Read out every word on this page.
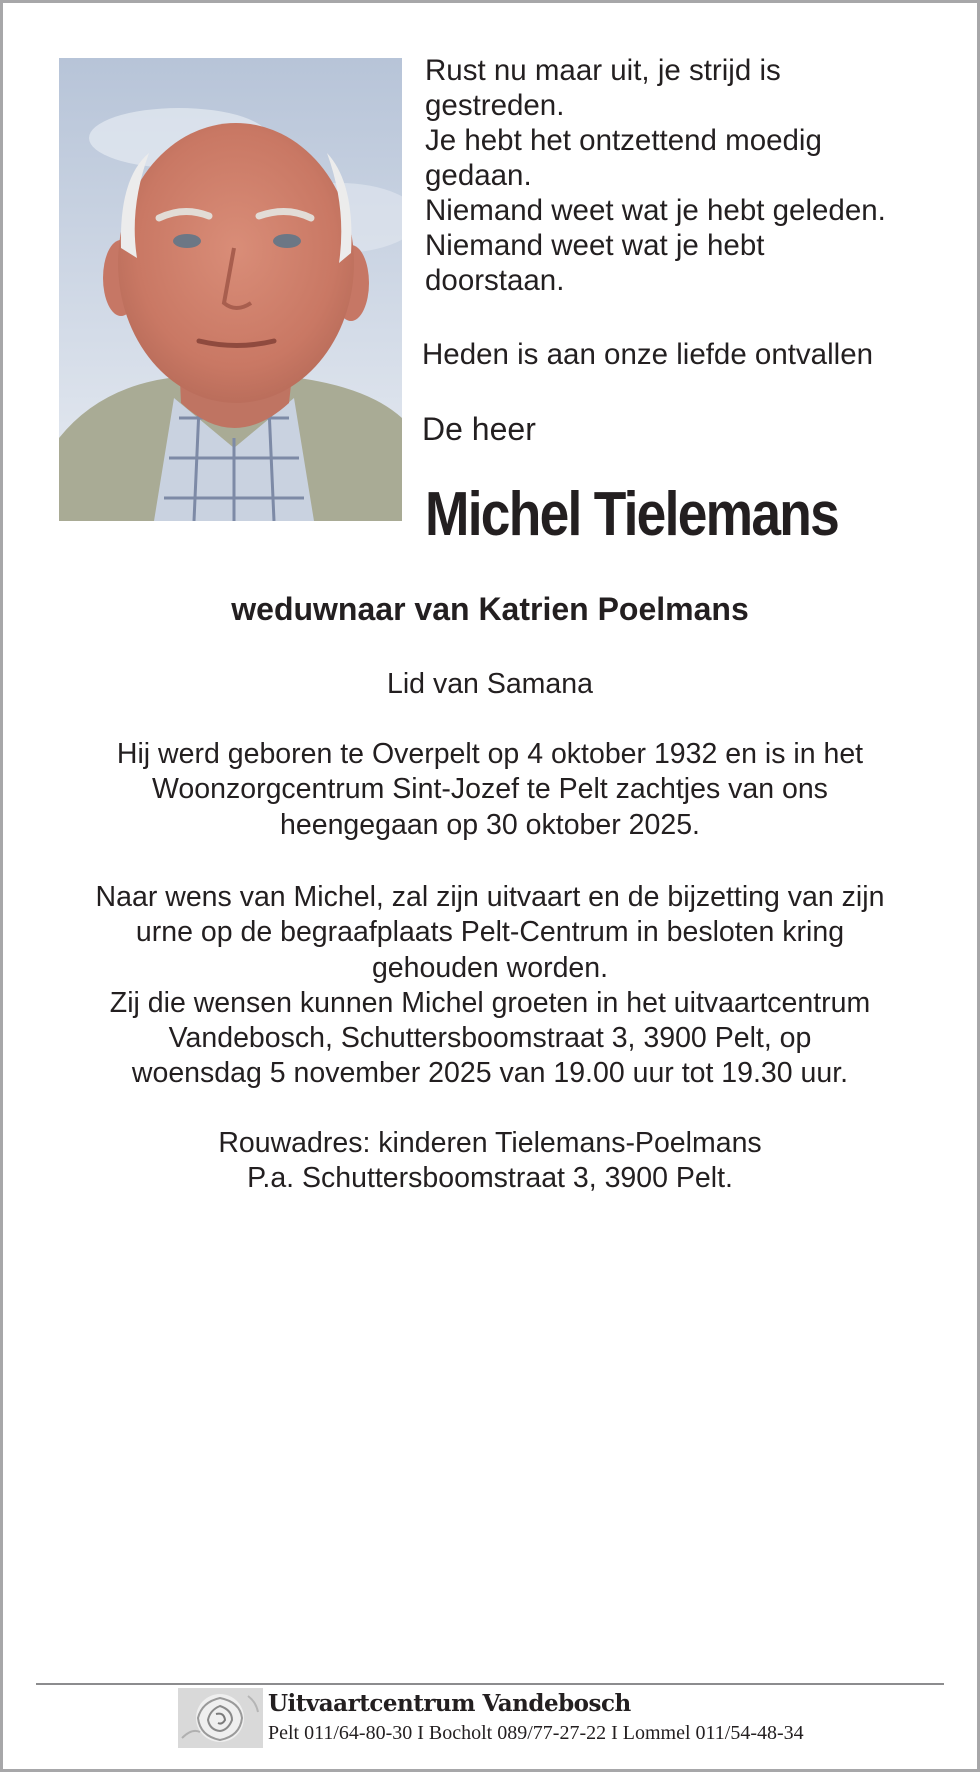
Rust nu maar uit, je strijd is
gestreden.
Je hebt het ontzettend moedig
gedaan.
Niemand weet wat je hebt geleden.
Niemand weet wat je hebt
doorstaan.
Heden is aan onze liefde ontvallen
De heer
Michel Tielemans
weduwnaar van Katrien Poelmans
Lid van Samana
Hij werd geboren te Overpelt op 4 oktober 1932 en is in het
Woonzorgcentrum Sint-Jozef te Pelt zachtjes van ons
heengegaan op 30 oktober 2025.
Naar wens van Michel, zal zijn uitvaart en de bijzetting van zijn
urne op de begraafplaats Pelt-Centrum in besloten kring
gehouden worden.
Zij die wensen kunnen Michel groeten in het uitvaartcentrum
Vandebosch, Schuttersboomstraat 3, 3900 Pelt, op
woensdag 5 november 2025 van 19.00 uur tot 19.30 uur.
Rouwadres: kinderen Tielemans-Poelmans
P.a. Schuttersboomstraat 3, 3900 Pelt.
Uitvaartcentrum Vandebosch
Pelt 011/64-80-30 I Bocholt 089/77-27-22 I Lommel 011/54-48-34
